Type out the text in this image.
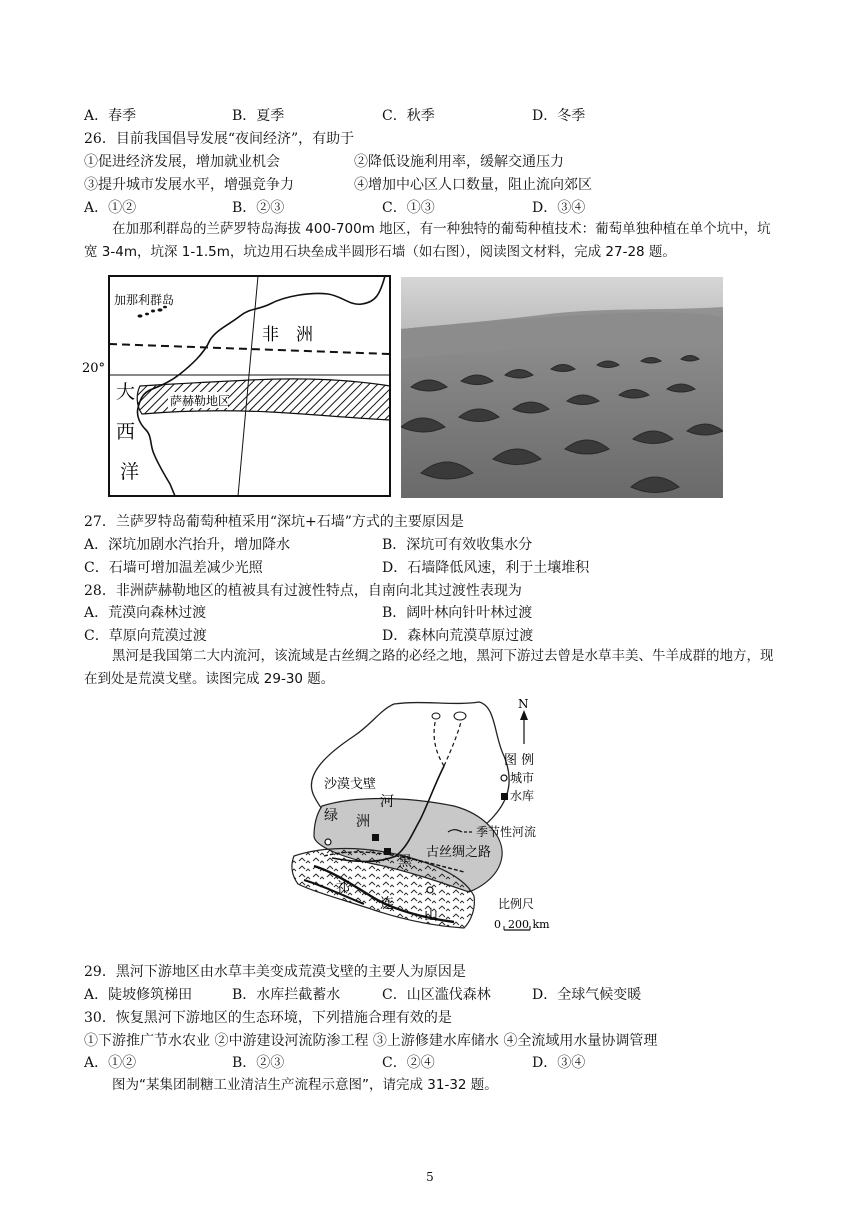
A．春季	B．夏季	C．秋季	D．冬季
26．目前我国倡导发展“夜间经济”，有助于
①促进经济发展，增加就业机会	②降低设施利用率，缓解交通压力
③提升城市发展水平，增强竞争力	④增加中心区人口数量，阻止流向郊区
A．①②	B．②③	C．①③	D．③④
在加那利群岛的兰萨罗特岛海拔 400-700m 地区，有一种独特的葡萄种植技术：葡萄单独种植在单个坑中，坑宽 3-4m，坑深 1-1.5m，坑边用石块垒成半圆形石墙（如右图），阅读图文材料，完成 27-28 题。
加那利群岛
非　洲
20°
大
西
洋
萨赫勒地区
27．兰萨罗特岛葡萄种植采用“深坑+石墙”方式的主要原因是
A．深坑加剧水汽抬升，增加降水	B．深坑可有效收集水分
C．石墙可增加温差减少光照	D．石墙降低风速，利于土壤堆积
28．非洲萨赫勒地区的植被具有过渡性特点，自南向北其过渡性表现为
A．荒漠向森林过渡	B．阔叶林向针叶林过渡
C．草原向荒漠过渡	D．森林向荒漠草原过渡
黑河是我国第二大内流河，该流域是古丝绸之路的必经之地，黑河下游过去曾是水草丰美、牛羊成群的地方，现在到处是荒漠戈壁。读图完成 29-30 题。
沙漠戈壁
河
绿 洲
黑
古丝绸之路
祁
连
山
N
图 例
城市
水库
季节性河流
比例尺
0 200 km
29．黑河下游地区由水草丰美变成荒漠戈壁的主要人为原因是
A．陡坡修筑梯田	B．水库拦截蓄水	C．山区滥伐森林	D．全球气候变暖
30．恢复黑河下游地区的生态环境，下列措施合理有效的是
①下游推广节水农业 ②中游建设河流防渗工程 ③上游修建水库储水 ④全流域用水量协调管理
A．①②	B．②③	C．②④	D．③④
图为“某集团制糖工业清洁生产流程示意图”，请完成 31-32 题。
5
